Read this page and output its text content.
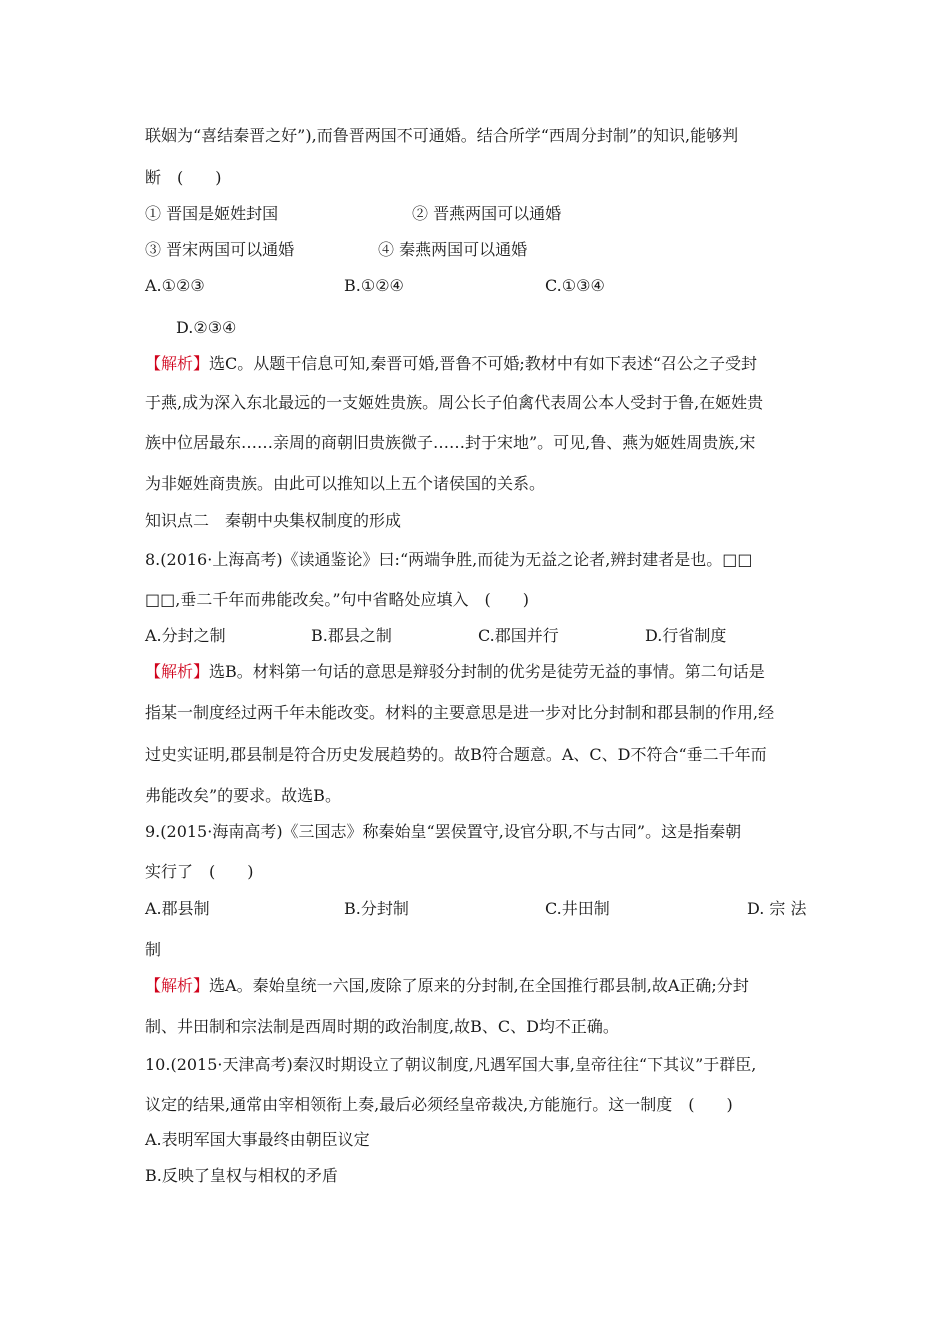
联姻为“喜结秦晋之好”),而鲁晋两国不可通婚。结合所学“西周分封制”的知识,能够判
断　(　　)
① 晋国是姬姓封国	② 晋燕两国可以通婚
③ 晋宋两国可以通婚	④ 秦燕两国可以通婚
A.①②③	B.①②④	C.①③④
D.②③④
【解析】选C。从题干信息可知,秦晋可婚,晋鲁不可婚;教材中有如下表述“召公之子受封
于燕,成为深入东北最远的一支姬姓贵族。周公长子伯禽代表周公本人受封于鲁,在姬姓贵
族中位居最东……亲周的商朝旧贵族微子……封于宋地”。可见,鲁、燕为姬姓周贵族,宋
为非姬姓商贵族。由此可以推知以上五个诸侯国的关系。
知识点二　秦朝中央集权制度的形成
8.(2016·上海高考)《读通鉴论》曰:“两端争胜,而徒为无益之论者,辨封建者是也。□□
□□,垂二千年而弗能改矣。”句中省略处应填入　(　　)
A.分封之制	B.郡县之制	C.郡国并行	D.行省制度
【解析】选B。材料第一句话的意思是辩驳分封制的优劣是徒劳无益的事情。第二句话是
指某一制度经过两千年未能改变。材料的主要意思是进一步对比分封制和郡县制的作用,经
过史实证明,郡县制是符合历史发展趋势的。故B符合题意。A、C、D不符合“垂二千年而
弗能改矣”的要求。故选B。
9.(2015·海南高考)《三国志》称秦始皇“罢侯置守,设官分职,不与古同”。这是指秦朝
实行了　(　　)
A.郡县制	B.分封制	C.井田制	D. 宗 法
制
【解析】选A。秦始皇统一六国,废除了原来的分封制,在全国推行郡县制,故A正确;分封
制、井田制和宗法制是西周时期的政治制度,故B、C、D均不正确。
10.(2015·天津高考)秦汉时期设立了朝议制度,凡遇军国大事,皇帝往往“下其议”于群臣,
议定的结果,通常由宰相领衔上奏,最后必须经皇帝裁决,方能施行。这一制度　(　　)
A.表明军国大事最终由朝臣议定
B.反映了皇权与相权的矛盾
